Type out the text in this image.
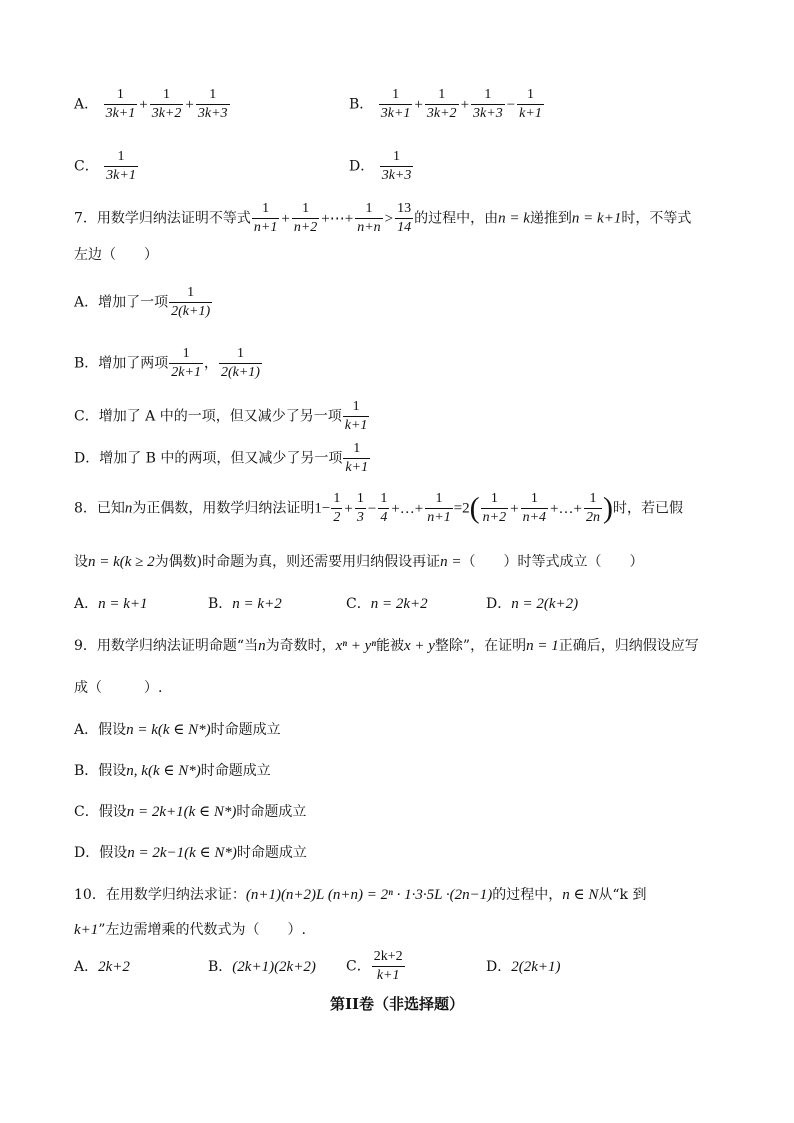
A． $\frac{1}{3k+1} + \frac{1}{3k+2} + \frac{1}{3k+3}$	B． $\frac{1}{3k+1} + \frac{1}{3k+2} + \frac{1}{3k+3} - \frac{1}{k+1}$
C． $\frac{1}{3k+1}$	D． $\frac{1}{3k+3}$
7．用数学归纳法证明不等式 $\frac{1}{n+1} + \frac{1}{n+2}$ +⋯+ $\frac{1}{n+n} > \frac{13}{14}$ 的过程中，由n = k递推到n = k+1时，不等式
左边（　　）
A．增加了一项 $\frac{1}{2(k+1)}$
B．增加了两项 $\frac{1}{2k+1}$ ， $\frac{1}{2(k+1)}$
C．增加了 A 中的一项，但又减少了另一项 $\frac{1}{k+1}$
D．增加了 B 中的两项，但又减少了另一项 $\frac{1}{k+1}$
8．已知n为正偶数，用数学归纳法证明$1- \frac{1}{2} + \frac{1}{3} - \frac{1}{4}$ +…+ $\frac{1}{n+1} =2( \frac{1}{n+2} + \frac{1}{n+4}$ +…+ $\frac{1}{2n}$ )时，若已假
设n = k(k ≥ 2为偶数)时命题为真，则还需要用归纳假设再证n =（　　）时等式成立（　　）
A．n = k+1	B．n = k+2	C．n = 2k+2	D．n = 2(k+2)
9．用数学归纳法证明命题“当n为奇数时，xⁿ + yⁿ能被x + y整除”，在证明n = 1正确后，归纳假设应写
成（　　　）.
A．假设n = k(k ∈ N*)时命题成立
B．假设n, k(k ∈ N*)时命题成立
C．假设n = 2k+1(k ∈ N*)时命题成立
D．假设n = 2k−1(k ∈ N*)时命题成立
10．在用数学归纳法求证：(n+1)(n+2)L (n+n) = 2ⁿ · 1·3·5L ·(2n−1)的过程中，n ∈ N从“k 到
k+1”左边需增乘的代数式为（　　）.
A．2k+2	B．(2k+1)(2k+2) C． $\frac{2k+2}{k+1}$	D．2(2k+1)
第II卷（非选择题）
